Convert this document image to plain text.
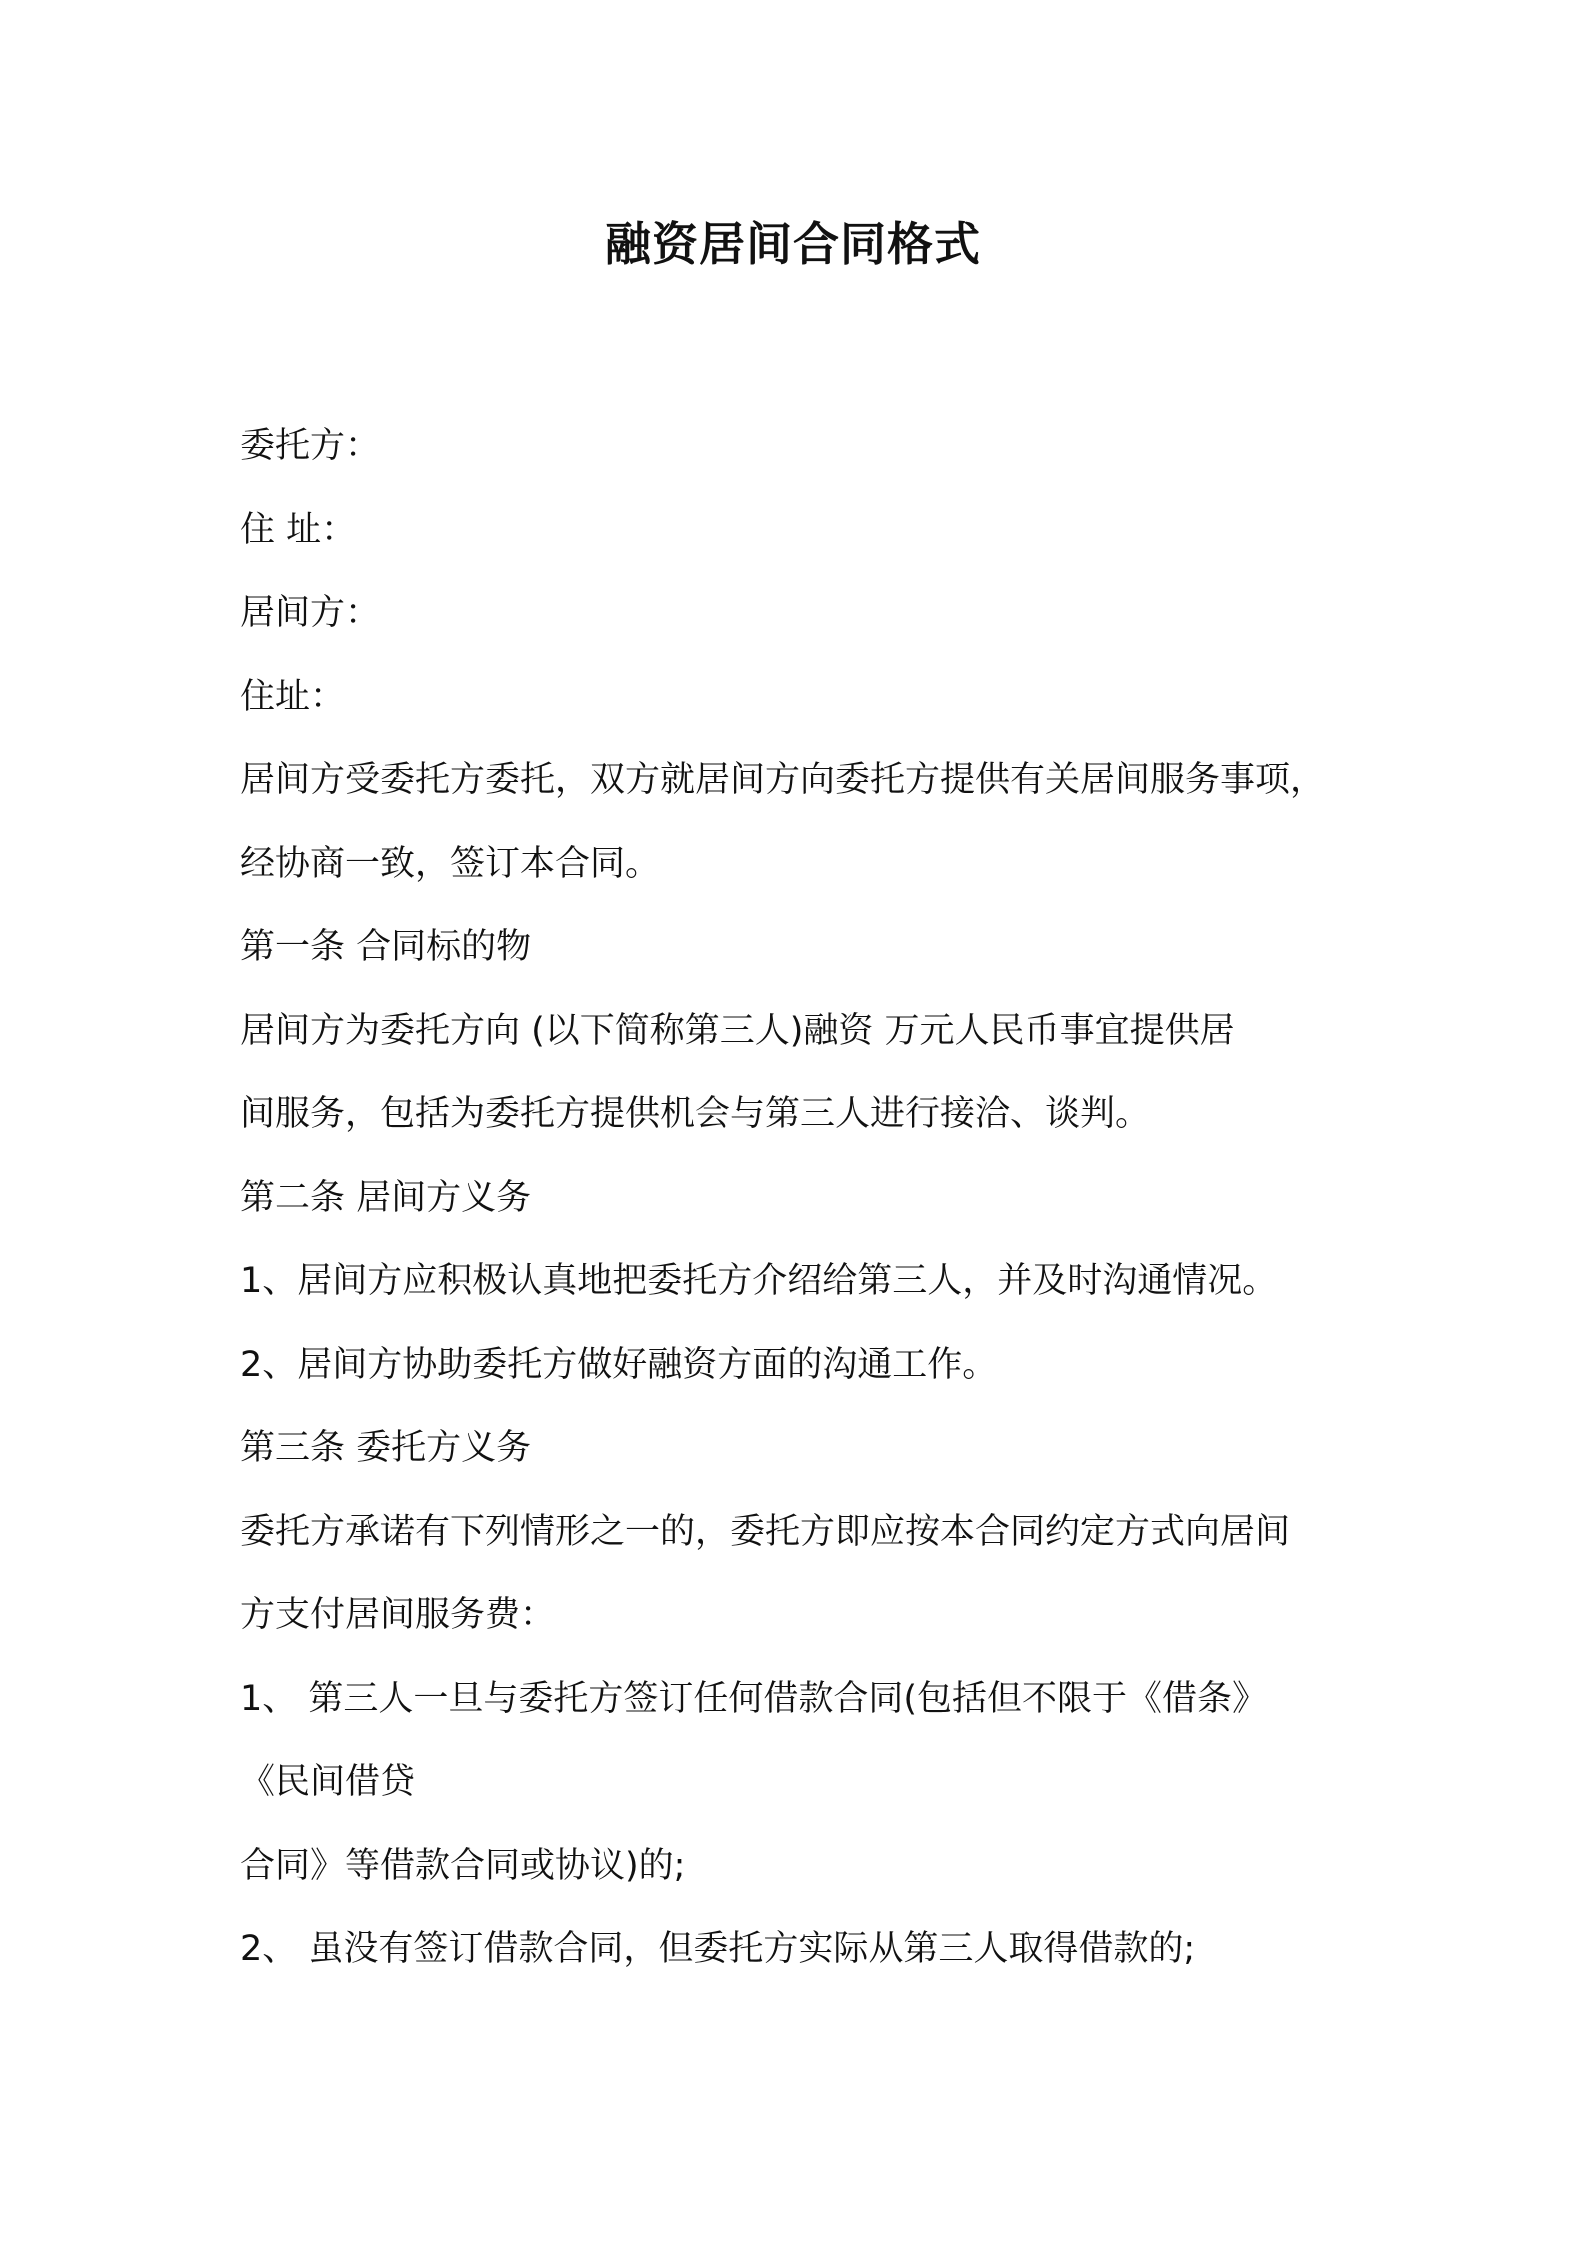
融资居间合同格式

委托方：

住 址：

居间方：

住址：

居间方受委托方委托，双方就居间方向委托方提供有关居间服务事项，

经协商一致，签订本合同。

第一条 合同标的物

居间方为委托方向 (以下简称第三人)融资 万元人民币事宜提供居

间服务，包括为委托方提供机会与第三人进行接洽、谈判。

第二条 居间方义务

1、居间方应积极认真地把委托方介绍给第三人，并及时沟通情况。

2、居间方协助委托方做好融资方面的沟通工作。

第三条 委托方义务

委托方承诺有下列情形之一的，委托方即应按本合同约定方式向居间

方支付居间服务费：

1、 第三人一旦与委托方签订任何借款合同(包括但不限于《借条》

《民间借贷

合同》等借款合同或协议)的;

2、 虽没有签订借款合同，但委托方实际从第三人取得借款的;
